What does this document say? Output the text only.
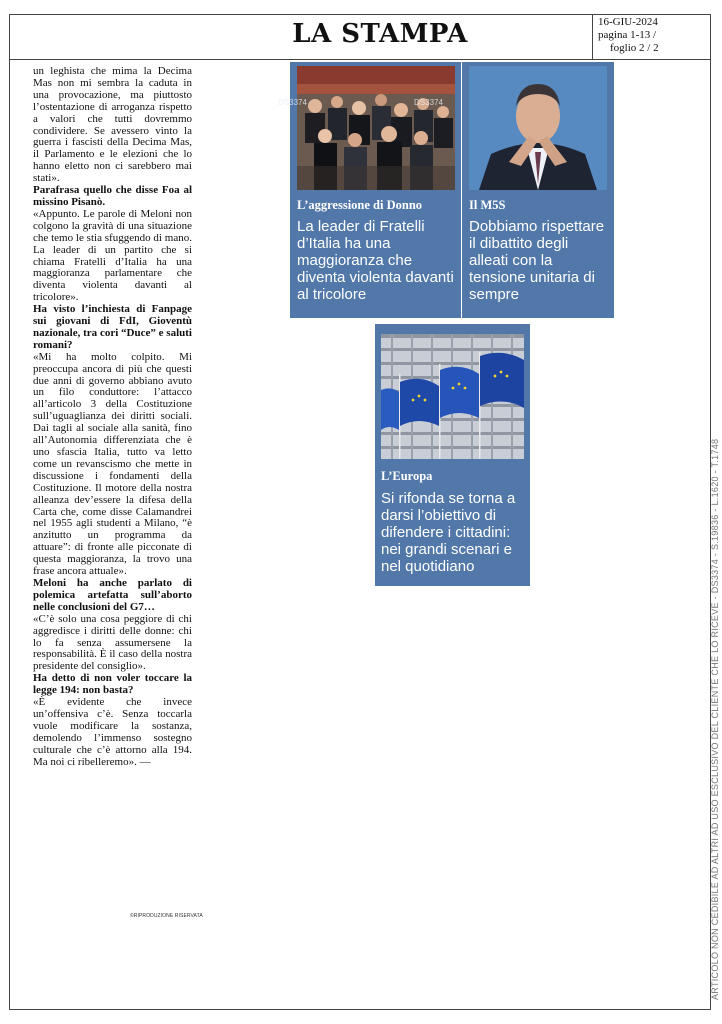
LA STAMPA	16-GIU-2024
pagina 1-13 /
foglio 2 / 2

un leghista che mima la Decima Mas non mi sembra la caduta in una provocazione, ma piuttosto l’ostentazione di arroganza rispetto a valori che tutti dovremmo condividere. Se avessero vinto la guerra i fascisti della Decima Mas, il Parlamento e le elezioni che lo hanno eletto non ci sarebbero mai stati».

Parafrasa quello che disse Foa al missino Pisanò.

«Appunto. Le parole di Meloni non colgono la gravità di una situazione che temo le stia sfuggendo di mano. La leader di un partito che si chiama Fratelli d’Italia ha una maggioranza parlamentare che diventa violenta davanti al tricolore».

Ha visto l’inchiesta di Fanpage sui giovani di FdI, Gioventù nazionale, tra cori “Duce” e saluti romani?

«Mi ha molto colpito. Mi preoccupa ancora di più che questi due anni di governo abbiano avuto un filo conduttore: l’attacco all’articolo 3 della Costituzione sull’uguaglianza dei diritti sociali. Dai tagli al sociale alla sanità, fino all’Autonomia differenziata che è uno sfascia Italia, tutto va letto come un revanscismo che mette in discussione i fondamenti della Costituzione. Il motore della nostra alleanza dev’essere la difesa della Carta che, come disse Calamandrei nel 1955 agli studenti a Milano, “è anzitutto un programma da attuare”: di fronte alle picconate di questa maggioranza, la trovo una frase ancora attuale».

Meloni ha anche parlato di polemica artefatta sull’aborto nelle conclusioni del G7…

«C’è solo una cosa peggiore di chi aggredisce i diritti delle donne: chi lo fa senza assumersene la responsabilità. È il caso della nostra presidente del consiglio».

Ha detto di non voler toccare la legge 194: non basta?

«È evidente che invece un’offensiva c’è. Senza toccarla vuole modificare la sostanza, demolendo l’immenso sostegno culturale che c’è attorno alla 194. Ma noi ci ribelleremo». —

©RIPRODUZIONE RISERVATA
DS3374
L’aggressione di Donno
La leader di Fratelli d’Italia ha una maggioranza che diventa violenta davanti al tricolore
DS3374
Il M5S
Dobbiamo rispettare il dibattito degli alleati con la tensione unitaria di sempre
L’Europa
Si rifonda se torna a darsi l’obiettivo di difendere i cittadini: nei grandi scenari e nel quotidiano	ARTICOLO NON CEDIBILE AD ALTRI AD USO ESCLUSIVO DEL CLIENTE CHE LO RICEVE - DS3374 - S.19836 - L.1620 - T.1748
